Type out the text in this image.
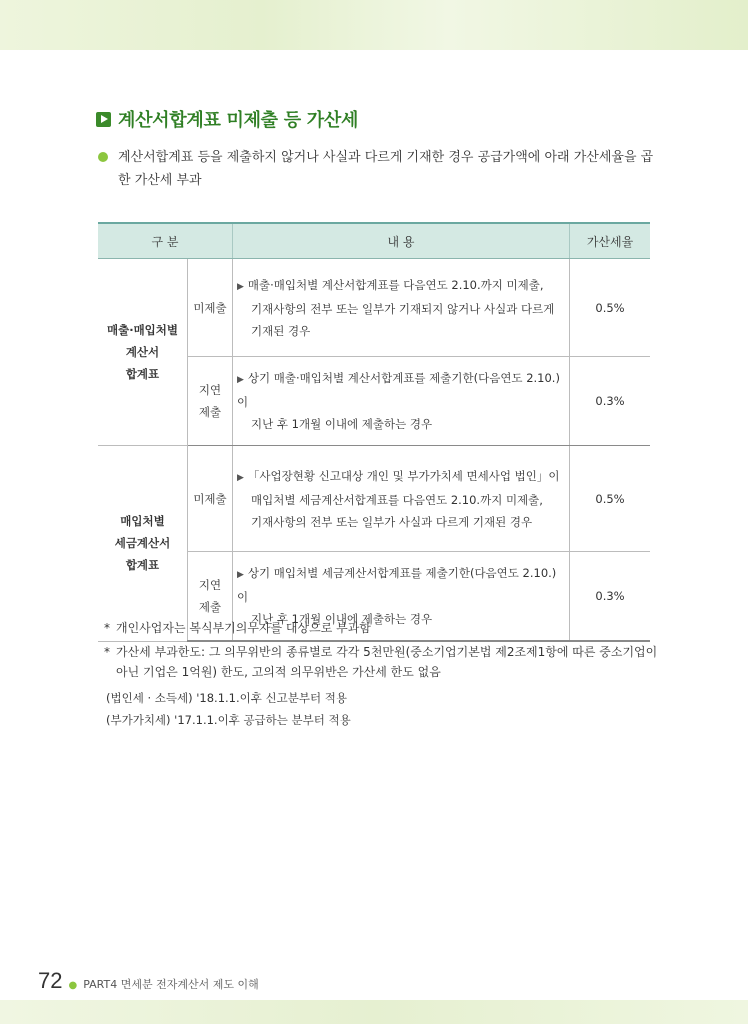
계산서합계표 미제출 등 가산세
계산서합계표 등을 제출하지 않거나 사실과 다르게 기재한 경우 공급가액에 아래 가산세율을 곱한 가산세 부과
구 분		내 용	가산세율

매출·매입처별
계산서
합계표	미제출	▶ 매출·매입처별 계산서합계표를 다음연도 2.10.까지 미제출,
기재사항의 전부 또는 일부가 기재되지 않거나 사실과 다르게
기재된 경우	0.5%

	지연
제출	▶ 상기 매출·매입처별 계산서합계표를 제출기한(다음연도 2.10.)이
지난 후 1개월 이내에 제출하는 경우	0.3%

매입처별
세금계산서
합계표	미제출	▶ 「사업장현황 신고대상 개인 및 부가가치세 면세사업 법인」이
매입처별 세금계산서합계표를 다음연도 2.10.까지 미제출,
기재사항의 전부 또는 일부가 사실과 다르게 기재된 경우	0.5%

	지연
제출	▶ 상기 매입처별 세금계산서합계표를 제출기한(다음연도 2.10.)이
지난 후 1개월 이내에 제출하는 경우	0.3%
* 개인사업자는 복식부기의무자를 대상으로 부과함
* 가산세 부과한도: 그 의무위반의 종류별로 각각 5천만원(중소기업기본법 제2조제1항에 따른 중소기업이 아닌 기업은 1억원) 한도, 고의적 의무위반은 가산세 한도 없음
(법인세 · 소득세) '18.1.1.이후 신고분부터 적용
(부가가치세) '17.1.1.이후 공급하는 분부터 적용
72 ● PART4 면세분 전자계산서 제도 이해
